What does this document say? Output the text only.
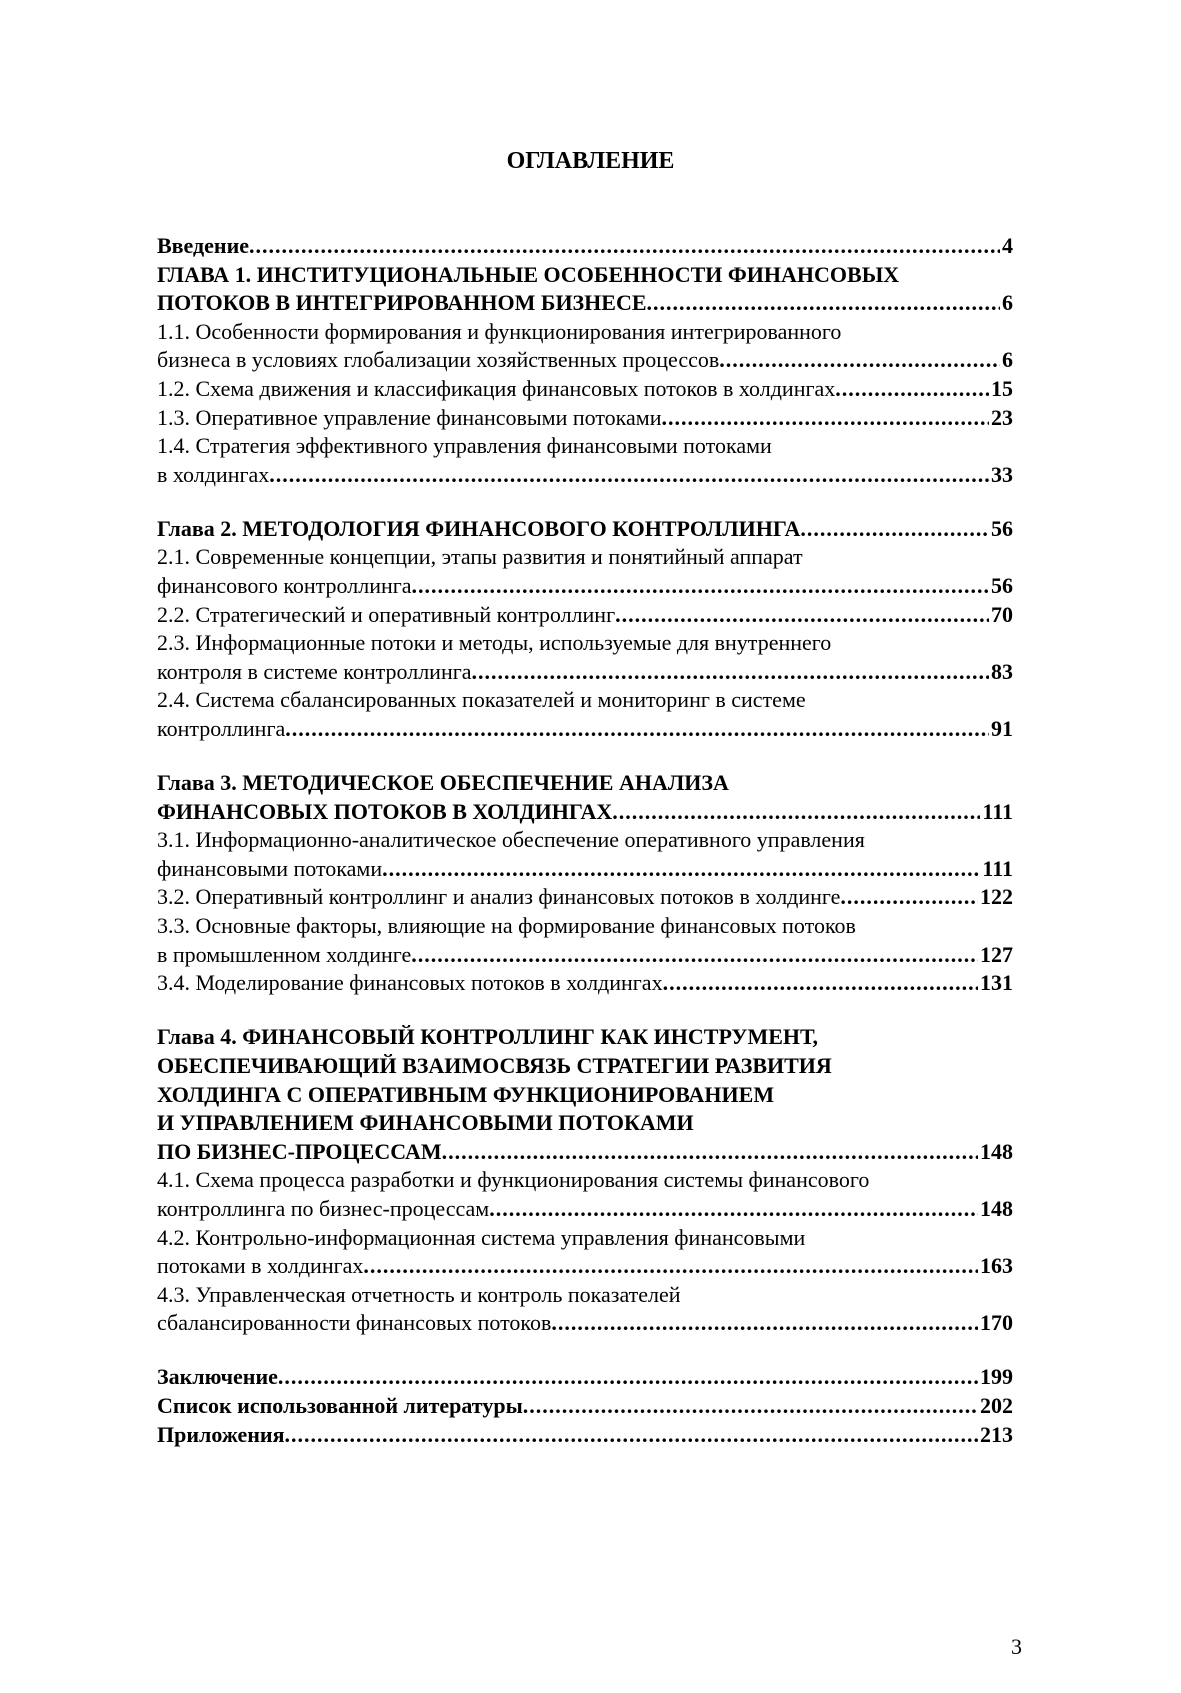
ОГЛАВЛЕНИЕ
Введение .....	4
ГЛАВА 1. ИНСТИТУЦИОНАЛЬНЫЕ ОСОБЕННОСТИ ФИНАНСОВЫХ
ПОТОКОВ В ИНТЕГРИРОВАННОМ БИЗНЕСЕ .....	6
1.1. Особенности формирования и функционирования интегрированного
бизнеса в условиях глобализации хозяйственных процессов .....	6
1.2. Схема движения и классификация финансовых потоков в холдингах .....	15
1.3. Оперативное управление финансовыми потоками .....	23
1.4. Стратегия эффективного управления финансовыми потоками
в холдингах .....	33
Глава 2. МЕТОДОЛОГИЯ ФИНАНСОВОГО КОНТРОЛЛИНГА .....	56
2.1. Современные концепции, этапы развития и понятийный аппарат
финансового контроллинга .....	56
2.2. Стратегический и оперативный контроллинг .....	70
2.3. Информационные потоки и методы, используемые для внутреннего
контроля в системе контроллинга .....	83
2.4. Система сбалансированных показателей и мониторинг в системе
контроллинга .....	91
Глава 3. МЕТОДИЧЕСКОЕ ОБЕСПЕЧЕНИЕ АНАЛИЗА
ФИНАНСОВЫХ ПОТОКОВ В ХОЛДИНГАХ .....	111
3.1. Информационно-аналитическое обеспечение оперативного управления
финансовыми потоками .....	111
3.2. Оперативный контроллинг и анализ финансовых потоков в холдинге .....	122
3.3. Основные факторы, влияющие на формирование финансовых потоков
в промышленном холдинге .....	127
3.4. Моделирование финансовых потоков в холдингах .....	131
Глава 4. ФИНАНСОВЫЙ КОНТРОЛЛИНГ КАК ИНСТРУМЕНТ,
ОБЕСПЕЧИВАЮЩИЙ ВЗАИМОСВЯЗЬ СТРАТЕГИИ РАЗВИТИЯ
ХОЛДИНГА С ОПЕРАТИВНЫМ ФУНКЦИОНИРОВАНИЕМ
И УПРАВЛЕНИЕМ ФИНАНСОВЫМИ ПОТОКАМИ
ПО БИЗНЕС-ПРОЦЕССАМ .....	148
4.1. Схема процесса разработки и функционирования системы финансового
контроллинга по бизнес-процессам .....	148
4.2. Контрольно-информационная система управления финансовыми
потоками в холдингах .....	163
4.3. Управленческая отчетность и контроль показателей
сбалансированности финансовых потоков .....	170
Заключение .....	199
Список использованной литературы .....	202
Приложения .....	213
3
